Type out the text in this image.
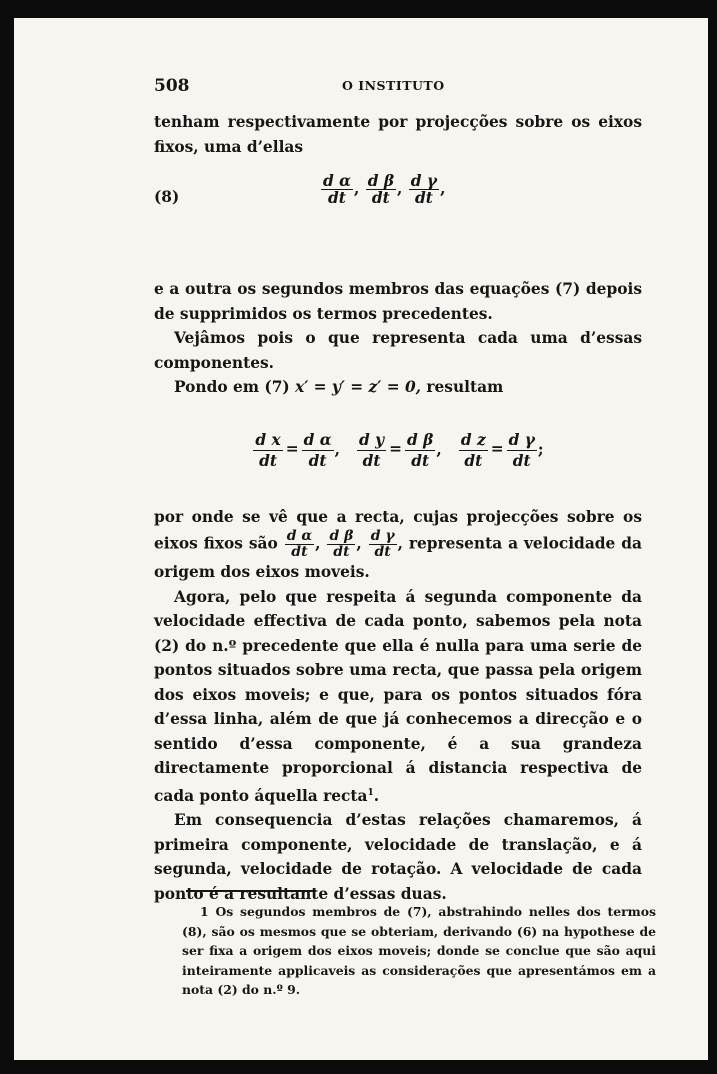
508	O INSTITUTO

tenham respectivamente por projecções sobre os eixos fixos, uma d’ellas

(8)	$\frac{\text{d α}}{dt}$ , $\frac{\text{d β}}{dt}$ , $\frac{\text{d γ}}{dt}$ ,

e a outra os segundos membros das equações (7) depois de supprimidos os termos precedentes.

Vejâmos pois o que representa cada uma d’essas componentes.

Pondo em (7) x′ = y′ = z′ = 0, resultam

$\frac{\text{d x}}{dt} = \frac{\text{d α}}{dt}$ , $\frac{\text{d y}}{dt} = \frac{\text{d β}}{dt}$ , $\frac{\text{d z}}{dt} = \frac{\text{d γ}}{dt}$ ;

por onde se vê que a recta, cujas projecções sobre os eixos fixos são $\frac{\text{d α}}{dt}$ , $\frac{\text{d β}}{dt}$ , $\frac{\text{d γ}}{dt}$ , representa a velocidade da origem dos eixos moveis.

Agora, pelo que respeita á segunda componente da velocidade effectiva de cada ponto, sabemos pela nota (2) do n.º precedente que ella é nulla para uma serie de pontos situados sobre uma recta, que passa pela origem dos eixos moveis; e que, para os pontos situados fóra d’essa linha, além de que já conhecemos a direcção e o sentido d’essa componente, é a sua grandeza directamente proporcional á distancia respectiva de cada ponto áquella recta$^1$.

Em consequencia d’estas relações chamaremos, á primeira componente, velocidade de translação, e á segunda, velocidade de rotação. A velocidade de cada ponto é a resultante d’essas duas.

1 Os segundos membros de (7), abstrahindo nelles dos termos (8), são os mesmos que se obteriam, derivando (6) na hypothese de ser fixa a origem dos eixos moveis; donde se conclue que são aqui inteiramente applicaveis as considerações que apresentámos em a nota (2) do n.º 9.
